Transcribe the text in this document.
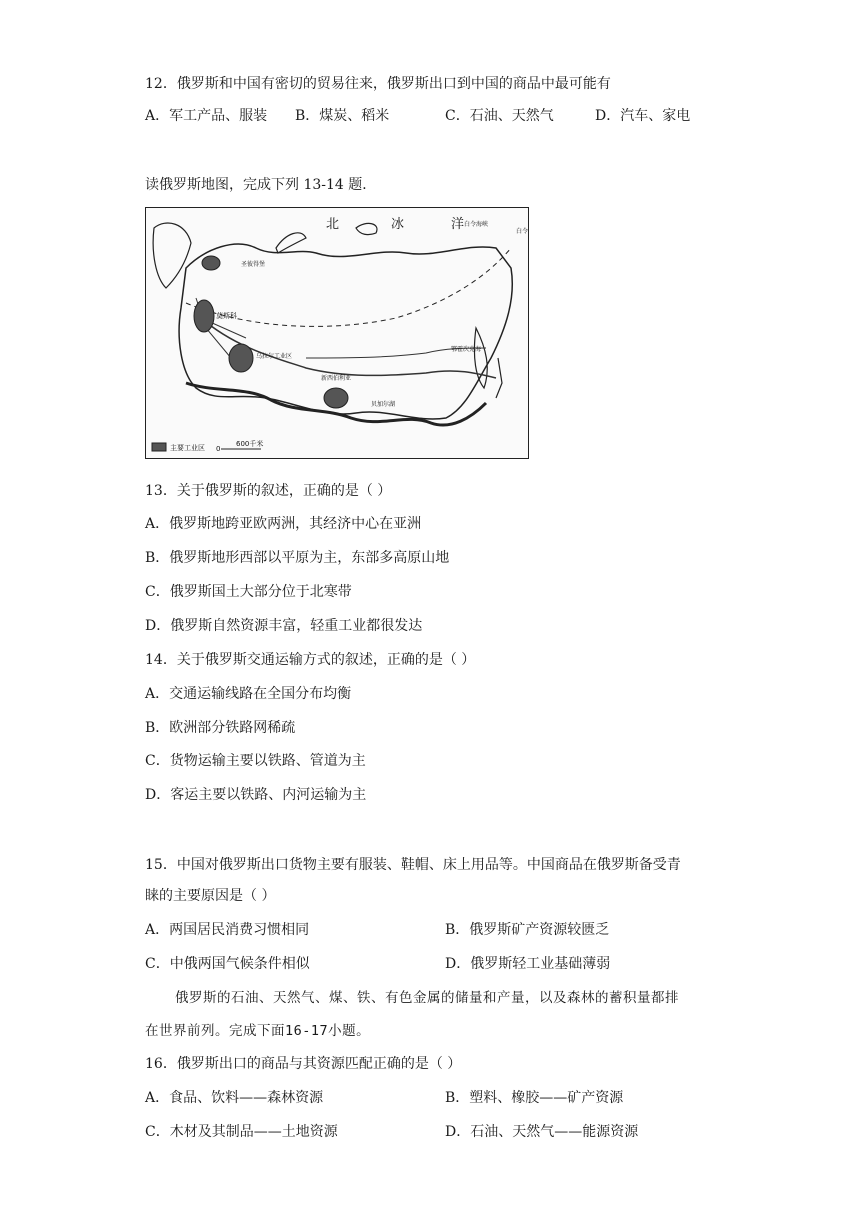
12．俄罗斯和中国有密切的贸易往来，俄罗斯出口到中国的商品中最可能有
A．军工产品、服装 B．煤炭、稻米	C．石油、天然气	D．汽车、家电
读俄罗斯地图，完成下列 13-14 题．
北	冰	洋 白令海峡
白令
莫斯科
圣彼得堡
乌拉尔工业区
新西伯利亚
鄂霍次克海
贝加尔湖
主要工业区 0
600千米
13．关于俄罗斯的叙述，正确的是（ ）
A．俄罗斯地跨亚欧两洲，其经济中心在亚洲
B．俄罗斯地形西部以平原为主，东部多高原山地
C．俄罗斯国土大部分位于北寒带
D．俄罗斯自然资源丰富，轻重工业都很发达
14．关于俄罗斯交通运输方式的叙述，正确的是（ ）
A．交通运输线路在全国分布均衡
B．欧洲部分铁路网稀疏
C．货物运输主要以铁路、管道为主
D．客运主要以铁路、内河运输为主
15．中国对俄罗斯出口货物主要有服装、鞋帽、床上用品等。中国商品在俄罗斯备受青
睐的主要原因是（ ）
A．两国居民消费习惯相同	B．俄罗斯矿产资源较匮乏
C．中俄两国气候条件相似	D．俄罗斯轻工业基础薄弱
俄罗斯的石油、天然气、煤、铁、有色金属的储量和产量，以及森林的蓄积量都排
在世界前列。完成下面16-17小题。
16．俄罗斯出口的商品与其资源匹配正确的是（ ）
A．食品、饮料——森林资源	B．塑料、橡胶——矿产资源
C．木材及其制品——土地资源	D．石油、天然气——能源资源
